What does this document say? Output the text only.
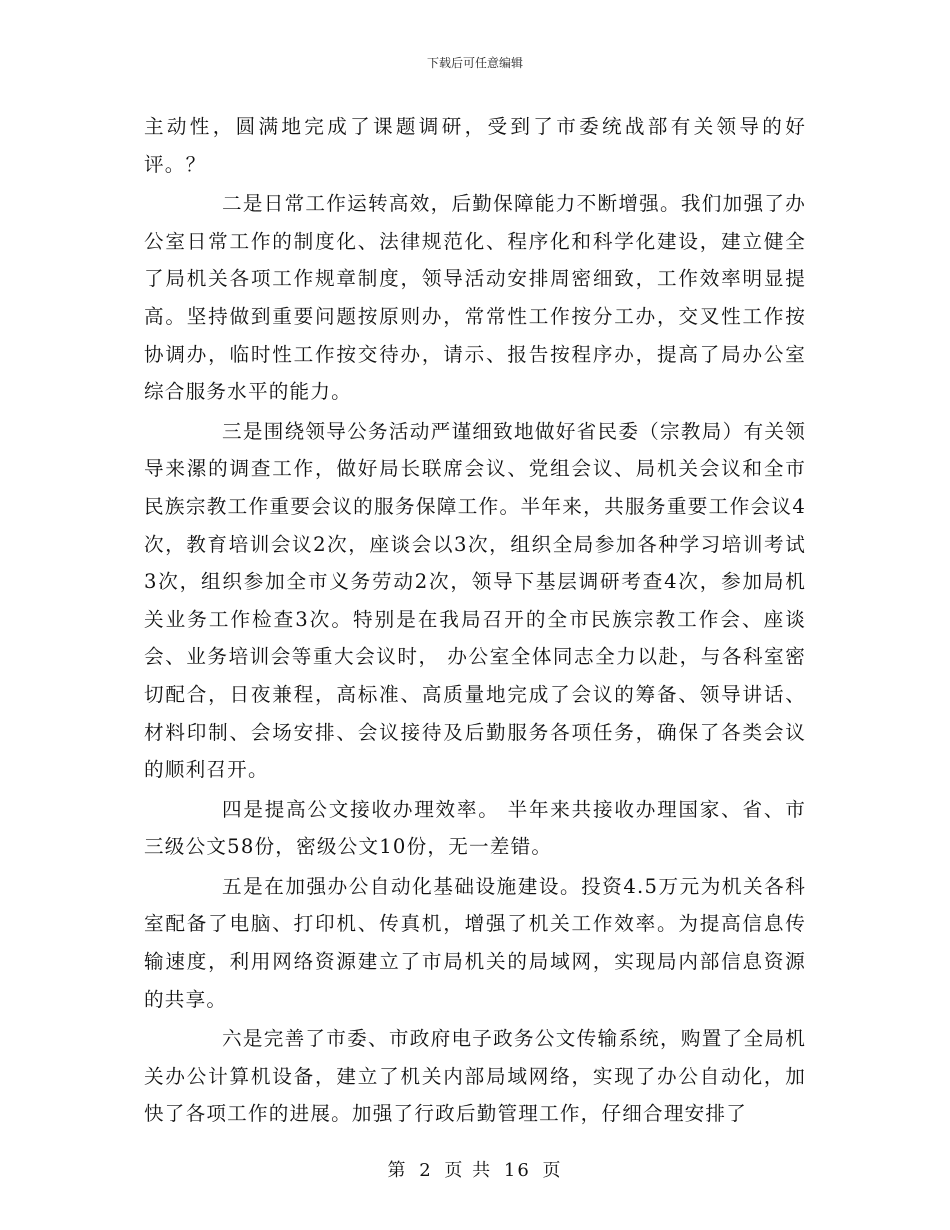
下载后可任意编辑

主动性，圆满地完成了课题调研，受到了市委统战部有关领导的好评。？

二是日常工作运转高效，后勤保障能力不断增强。我们加强了办公室日常工作的制度化、法律规范化、程序化和科学化建设，建立健全了局机关各项工作规章制度，领导活动安排周密细致，工作效率明显提高。坚持做到重要问题按原则办，常常性工作按分工办，交叉性工作按协调办，临时性工作按交待办，请示、报告按程序办，提高了局办公室综合服务水平的能力。

三是围绕领导公务活动严谨细致地做好省民委（宗教局）有关领导来漯的调查工作，做好局长联席会议、党组会议、局机关会议和全市民族宗教工作重要会议的服务保障工作。半年来，共服务重要工作会议4次，教育培训会议2次，座谈会以3次，组织全局参加各种学习培训考试3次，组织参加全市义务劳动2次，领导下基层调研考查4次，参加局机关业务工作检查3次。特别是在我局召开的全市民族宗教工作会、座谈会、业务培训会等重大会议时， 办公室全体同志全力以赴，与各科室密切配合，日夜兼程，高标准、高质量地完成了会议的筹备、领导讲话、材料印制、会场安排、会议接待及后勤服务各项任务，确保了各类会议的顺利召开。

四是提高公文接收办理效率。 半年来共接收办理国家、省、市三级公文58份，密级公文10份，无一差错。

五是在加强办公自动化基础设施建设。投资4.5万元为机关各科室配备了电脑、打印机、传真机，增强了机关工作效率。为提高信息传输速度，利用网络资源建立了市局机关的局域网，实现局内部信息资源的共享。

六是完善了市委、市政府电子政务公文传输系统，购置了全局机关办公计算机设备，建立了机关内部局域网络，实现了办公自动化，加快了各项工作的进展。加强了行政后勤管理工作，仔细合理安排了

第 2 页 共 16 页
